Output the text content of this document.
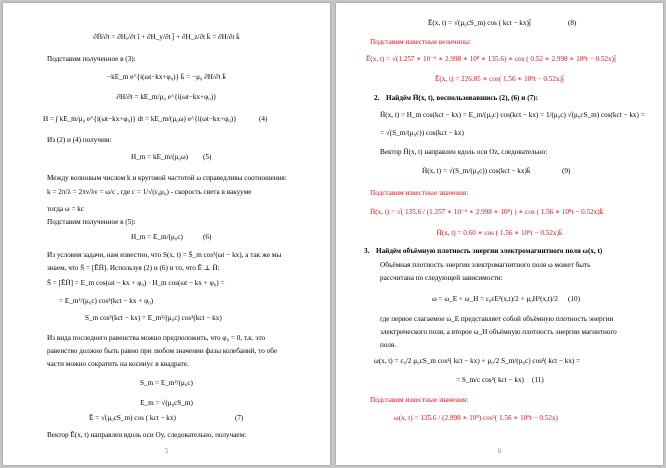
∂H̄/∂t = ∂Hₓ/∂t ī + ∂H_y/∂t j̄ + ∂H_z/∂t k̄ = ∂H/∂t k̄
Подставим полученное в (3):
−kE_m e^{i(ωt−kx+φ₀)} k̄ = −μ₀ ∂H/∂t k̄
∂H/∂t = kE_m/μ₀ e^{i(ωt−kx+φ₀)}
H = ∫ kE_m/μ₀ e^{i(ωt−kx+φ₀)} dt = kE_m/(μ₀ω) e^{i(ωt−kx+φ₀)}	(4)
Из (2) и (4) получим:
H_m = kE_m/(μ₀ω) (5)
Между волновым числом k и круговой частотой ω справедливы соотношения:
k = 2π/λ = 2πν/λν = ω/c , где c = 1/√(ε₀μ₀) - скорость света в вакууме
тогда ω = kc
Подставим полученное в (5):
H_m = E_m/(μ₀c)	(6)
Из условия задачи, нам известно, что S(x, t) = S̄_m cos²(ωt − kx), а так же мы
знаем, что S̄ = [ĒH̄]. Используя (2) и (6) и то, что Ē ⊥ H̄:
S̄ = [ĒH̄] = E_m cos(ωt − kx + φ₀) · H_m cos(ωt − kx + φ₀) =
= E_m²/(μ₀c) cos²(kct − kx + φ₀)
S_m cos²(kct − kx) = E_m²/(μ₀c) cos²(kct − kx)
Из вида последнего равенства можно предположить, что φ₀ = 0, т.к. это
равенство должно быть равно при любом значении фазы колебаний, то обе
части можно сократить на косинус в квадрате.
S_m = E_m²/(μ₀c)
E_m = √(μ₀cS_m)
Ē = √(μ₀cS_m) cos ( kct − kx)	(7)
Вектор Ē(x, t) направлен вдоль оси Oy, следовательно, получаем:
5
Ē(x, t) = √(μ₀cS_m) cos ( kct − kx)j̄	(8)
Подставим известные величины:
Ē(x, t) = √(1.257 ∗ 10⁻⁶ ∗ 2.998 ∗ 10⁸ ∗ 135.6) ∗ cos ( 0.52 ∗ 2.998 ∗ 10⁸t − 0.52x)j̄
Ē(x, t) = 226.05 ∗ cos( 1.56 ∗ 10⁸t − 0.52x)j̄
2. Найдём H̄(x, t), воспользовавшись (2), (6) и (7):
H̄(x, t) = H_m cos(kct − kx) = E_m/(μ₀c) cos(kct − kx) = 1/(μ₀c) √(μ₀cS_m) cos(kct − kx) =
= √(S_m/(μ₀c)) cos(kct − kx)
Вектор H̄(x, t) направлен вдоль оси Oz, следовательно:
H̄(x, t) = √(S_m/(μ₀c)) cos(kct − kx)k̄	(9)
Подставим известные значения:
H̄(x, t) = √( 135.6 / (1.257 ∗ 10⁻⁶ ∗ 2.998 ∗ 10⁸) ) ∗ cos ( 1.56 ∗ 10⁸t − 0.52x)k̄
H̄(x, t) = 0.60 ∗ cos ( 1.56 ∗ 10⁸t − 0.52x)k̄
3. Найдём объёмную плотность энергии электромагнитного поля ω(x, t)
Объёмная плотность энергии электромагнитного поля ω может быть
рассчитана по следующей зависимости:
ω = ω_E + ω_H = ε₀εE²(x,t)/2 + μ₀H²(x,t)/2 (10)
где первое слагаемое ω_E представляет собой объёмную плотность энергии
электрического поля, а второе ω_H объёмную плотность энергии магнитного
поля.
ω(x, t) = ε₀/2 μ₀cS_m cos²( kct − kx) + μ₀/2 S_m/(μ₀c) cos²( kct − kx) =
= S_m/c cos²( kct − kx) (11)
Подставим известные значения:
ω(x, t) = 135.6 / (2.998 ∗ 10⁸) cos²( 1.56 ∗ 10⁸t − 0.52x)
6
